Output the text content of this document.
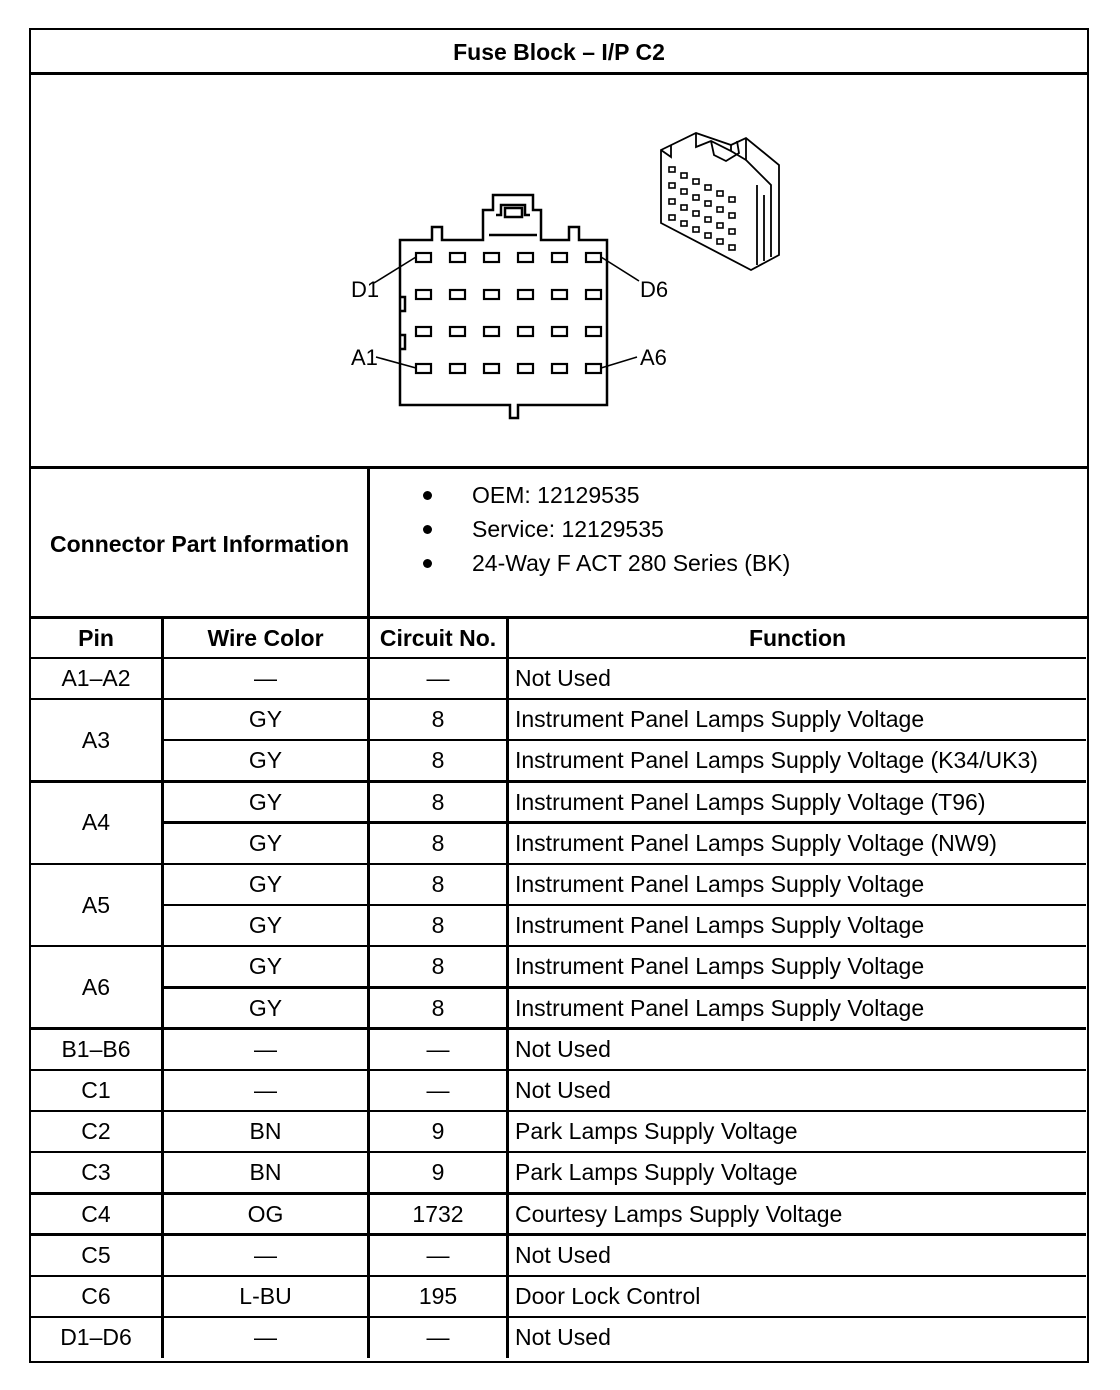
Fuse Block – I/P C2
D1	D6
A1	A6
Connector Part Information
OEM: 12129535
Service: 12129535
24-Way F ACT 280 Series (BK)
Pin	Wire Color	Circuit No.	Function
A1–A2	—	—	Not Used
A3
GY	8	Instrument Panel Lamps Supply Voltage
GY	8	Instrument Panel Lamps Supply Voltage (K34/UK3)
A4
GY	8	Instrument Panel Lamps Supply Voltage (T96)
GY	8	Instrument Panel Lamps Supply Voltage (NW9)
A5
GY	8	Instrument Panel Lamps Supply Voltage
GY	8	Instrument Panel Lamps Supply Voltage
A6
GY	8	Instrument Panel Lamps Supply Voltage
GY	8	Instrument Panel Lamps Supply Voltage
B1–B6	—	—	Not Used
C1	—	—	Not Used
C2	BN	9	Park Lamps Supply Voltage
C3	BN	9	Park Lamps Supply Voltage
C4	OG	1732	Courtesy Lamps Supply Voltage
C5	—	—	Not Used
C6	L-BU	195	Door Lock Control
D1–D6	—	—	Not Used
